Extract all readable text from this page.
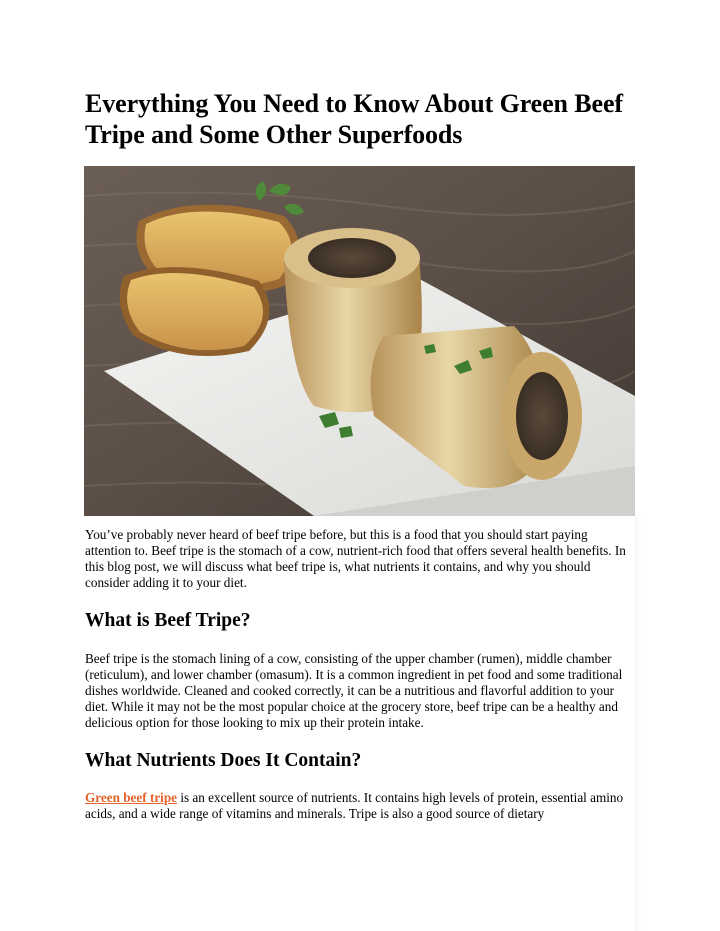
Everything You Need to Know About Green Beef Tripe and Some Other Superfoods

You’ve probably never heard of beef tripe before, but this is a food that you should start paying attention to. Beef tripe is the stomach of a cow, nutrient-rich food that offers several health benefits. In this blog post, we will discuss what beef tripe is, what nutrients it contains, and why you should consider adding it to your diet.

What is Beef Tripe?

Beef tripe is the stomach lining of a cow, consisting of the upper chamber (rumen), middle chamber (reticulum), and lower chamber (omasum). It is a common ingredient in pet food and some traditional dishes worldwide. Cleaned and cooked correctly, it can be a nutritious and flavorful addition to your diet. While it may not be the most popular choice at the grocery store, beef tripe can be a healthy and delicious option for those looking to mix up their protein intake.

What Nutrients Does It Contain?

Green beef tripe is an excellent source of nutrients. It contains high levels of protein, essential amino acids, and a wide range of vitamins and minerals. Tripe is also a good source of dietary
